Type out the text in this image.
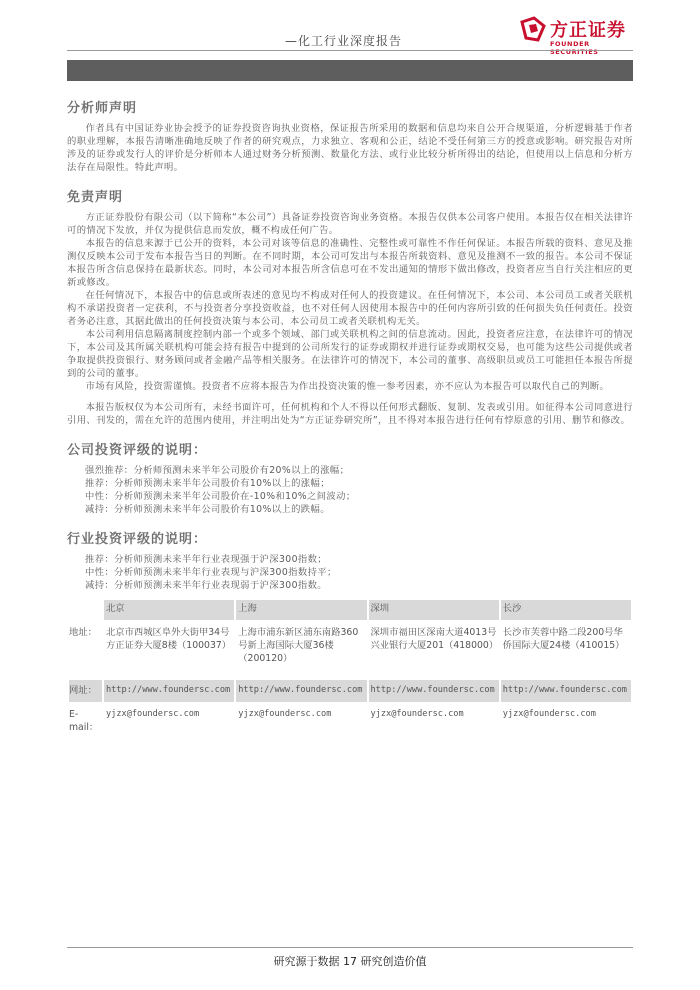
—化工行业深度报告	方正证券
FOUNDER SECURITIES
分析师声明

作者具有中国证券业协会授予的证券投资咨询执业资格，保证报告所采用的数据和信息均来自公开合规渠道，分析逻辑基于作者的职业理解，本报告清晰准确地反映了作者的研究观点，力求独立、客观和公正，结论不受任何第三方的授意或影响。研究报告对所涉及的证券或发行人的评价是分析师本人通过财务分析预测、数量化方法、或行业比较分析所得出的结论，但使用以上信息和分析方法存在局限性。特此声明。

免责声明

方正证券股份有限公司（以下简称“本公司”）具备证券投资咨询业务资格。本报告仅供本公司客户使用。本报告仅在相关法律许可的情况下发放，并仅为提供信息而发放，概不构成任何广告。

本报告的信息来源于已公开的资料，本公司对该等信息的准确性、完整性或可靠性不作任何保证。本报告所载的资料、意见及推测仅反映本公司于发布本报告当日的判断。在不同时期，本公司可发出与本报告所载资料、意见及推测不一致的报告。本公司不保证本报告所含信息保持在最新状态。同时，本公司对本报告所含信息可在不发出通知的情形下做出修改，投资者应当自行关注相应的更新或修改。

在任何情况下，本报告中的信息或所表述的意见均不构成对任何人的投资建议。在任何情况下，本公司、本公司员工或者关联机构不承诺投资者一定获利，不与投资者分享投资收益，也不对任何人因使用本报告中的任何内容所引致的任何损失负任何责任。投资者务必注意，其据此做出的任何投资决策与本公司、本公司员工或者关联机构无关。

本公司利用信息隔离制度控制内部一个或多个领域、部门或关联机构之间的信息流动。因此，投资者应注意，在法律许可的情况下，本公司及其所属关联机构可能会持有报告中提到的公司所发行的证券或期权并进行证券或期权交易，也可能为这些公司提供或者争取提供投资银行、财务顾问或者金融产品等相关服务。在法律许可的情况下，本公司的董事、高级职员或员工可能担任本报告所提到的公司的董事。

市场有风险，投资需谨慎。投资者不应将本报告为作出投资决策的惟一参考因素，亦不应认为本报告可以取代自己的判断。

本报告版权仅为本公司所有，未经书面许可，任何机构和个人不得以任何形式翻版、复制、发表或引用。如征得本公司同意进行引用、刊发的，需在允许的范围内使用，并注明出处为“方正证券研究所”，且不得对本报告进行任何有悖原意的引用、删节和修改。

公司投资评级的说明：

强烈推荐：分析师预测未来半年公司股价有20%以上的涨幅；

推荐：分析师预测未来半年公司股价有10%以上的涨幅；

中性：分析师预测未来半年公司股价在-10%和10%之间波动；

减持：分析师预测未来半年公司股价有10%以上的跌幅。

行业投资评级的说明：

推荐：分析师预测未来半年行业表现强于沪深300指数；

中性：分析师预测未来半年行业表现与沪深300指数持平；

减持：分析师预测未来半年行业表现弱于沪深300指数。

	北京	上海	深圳	长沙
地址：	北京市西城区阜外大街甲34号方正证券大厦8楼（100037）	上海市浦东新区浦东南路360号新上海国际大厦36楼（200120）	深圳市福田区深南大道4013号兴业银行大厦201（418000）	长沙市芙蓉中路二段200号华侨国际大厦24楼（410015）
网址：	http://www.foundersc.com	http://www.foundersc.com	http://www.foundersc.com	http://www.foundersc.com

E-mail：	yjzx@foundersc.com	yjzx@foundersc.com	yjzx@foundersc.com	yjzx@foundersc.com
研究源于数据 17 研究创造价值
